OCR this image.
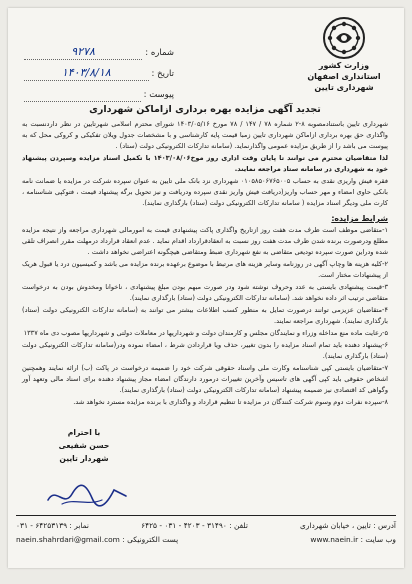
شماره :
۹۲۷۸
تاریخ :
۱۴۰۳/۸/۱۸
پیوست :
وزارت کشور
استانداری اصفهان
شهرداری تایین
تجدید آگهی مزایده بهره برداری ازاماکن شهرداری
شهرداری تایین باستنادمصوبه ۸-۲ شماره ۷۸ / ۱۴۷ / ۷۸ مورخ ۱۴۰۳/۰۵/۱۶ شورای محترم اسلامی شهرتایین در نظر داردنسبت به واگذاری حق بهره برداری ازاماکن شهرداری تایین زمبا قیمت پایه کارشناسی و با مشخصات جدول ویلان تفکیکی و کروکی محل که به پیوست می باشد را از طریق مزایده عمومی واگذارنماید. (سامانه تدارکات الکترونیکی دولت (ستاد) .
لذا متقاضیان محترم می توانند تا پایان وقت اداری روز موخ۱۴۰۳/۰۸/۰۶ با تکمیل اسناد مزایده وسپردن پیشنهاد خود به شهرداری در سامانه ستاد مراجعه نمایند.
فقره فیش واریزی نقدی به حساب ۰۱۰۵۸۵۰۶۷۶۵۰۰۵ شهرداری نزد بانک ملی تایین به عنوان سپرده شرکت در مزایده یا ضمانت نامه بانکی حاوی امضاء و مهر حساب واریز(دریافت فیش واریز نقدی سپرده ودریافت و نیز تحویل برگه پیشنهاد قیمت ، فتوکپی شناسنامه ، کارت ملی ودیگر اسناد مزایده ( سامانه تدارکات الکترونیکی دولت (ستاد) بارگذاری نمایند).
شرایط مزایده:
۱-متقاضی موظف است ظرف مدت هفت روز ازتاریخ واگذاری پاکت پیشنهادی قیمت به امورمالی شهرداری مراجعه واز نتیجه مزایده مطلع ودرصورت برنده شدن ظرف مدت هفت روز نسبت به انعقادقرارداد اقدام نماید . عدم انعقاد قرارداد درمهلت مقرر انصراف تلقی شده ودراین صورت سپرده تودیعی متقاضی به نفع شهرداری ضبط ومتقاضی هیچگونه اعتراضی نخواهد داشت .
۲-کلیه هزینه ها وچاپ آگهی در روزنامه وسایر هزینه های مرتبط با موضوع برعهده برنده مزایده می باشد و کمیسیون درد یا قبول هریک از پیشنهادات مختار است.
۳-قیمت پیشنهادی بایستی به عدد وحروف نوشته شود ودر صورت مبهم بودن مبلغ پیشنهادی ، ناخوانا ومخدوش بودن به درخواست متقاضی ترتیب اثر داده نخواهد شد. (سامانه تدارکات الکترونیکی دولت (ستاد) بارگذاری نمایند).
۴-متقاضیان عزیزمی توانند درصورت تمایل به منظور کسب اطلاعات بیشتر می توانند به (سامانه تدارکات الکترونیکی دولت (ستاد) بارگذاری نمایند). شهرداری مراجعه نمایند.
۵-رعایت ماده منع مداخله وزراء و نمایندگان مجلس و کارمندان دولت و شهرداریها در معاملات دولتی و شهرداریها مصوب دی ماه ۱۳۳۷
۶-پیشنهاد دهنده باید تمام اسناد مزایده را بدون تغییر، حذف ویا قراردادن شرط ، امضاء نموده ودر(سامانه تدارکات الکترونیکی دولت (ستاد) بارگذاری نمایند).
۷-متقاضیان بایستی کپی شناسنامه وکارت ملی واسناد حقوقی شرکت خود را ضمیمه درخواست در پاکت (ب) ارائه نمایند وهمچنین اشخاص حقوقی باید کپی آگهی های تاسیس وآخرین تغییرات درمورد دارندگان امضاء مجاز پیشنهاد دهنده برای اسناد مالی وتعهد آور وگواهی کد اقتصادی نیز ضمیمه پیشنهاد (سامانه تدارکات الکترونیکی دولت (ستاد) بارگذاری نمایند).
۸-سپرده نفرات دوم وسوم شرکت کنندگان در مزایده تا تنظیم قرارداد و واگذاری با برنده مزایده مسترد نخواهد شد.
با احترام
حسن شفیعی
شهردار تایین
آدرس : تایین ، خیابان شهرداری
تلفن : ۳۱۴۹۰ - ۴۲۰۳ - ۰۳۱ - ۶۴۲۵
نمابر : ۶۴۲۵۳۱۳۹ - ۰۳۱
وب سایت : www.naein.ir
پست الکترونیکی : naein.shahrdari@gmail.com
